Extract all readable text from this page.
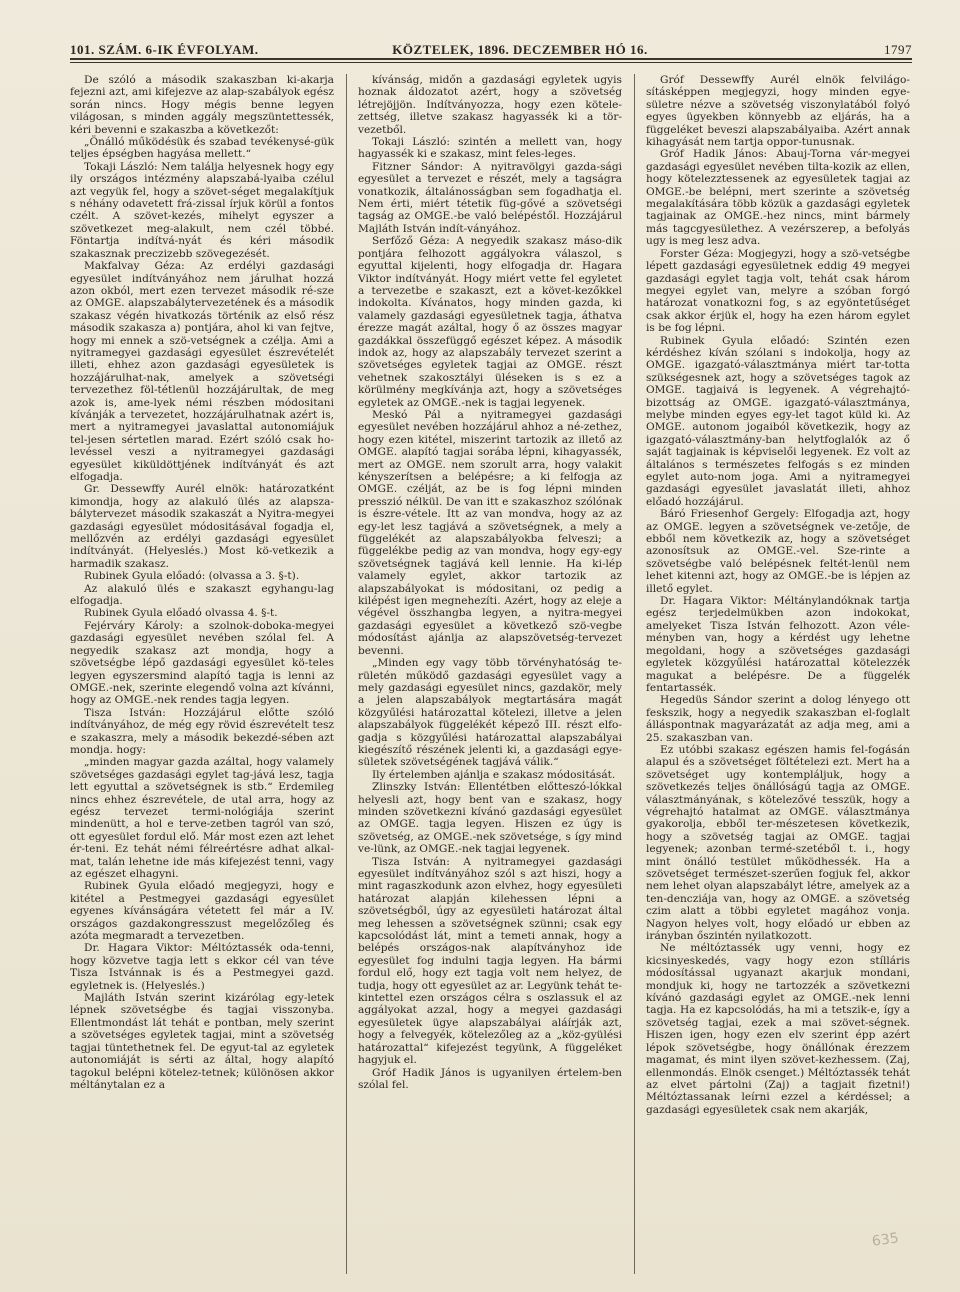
101. SZÁM. 6-IK ÉVFOLYAM.	KÖZTELEK, 1896. DECZEMBER HÓ 16.	1797

De szóló a második szakaszban ki-akarja fejezni azt, ami kifejezve az alap-szabályok egész során nincs. Hogy mégis benne legyen világosan, s minden aggály megszüntettessék, kéri bevenni e szakaszba a következőt:

„Önálló működésük és szabad tevékenysé-gük teljes épségben hagyása mellett.“

Tokaji László: Nem találja helyesnek hogy egy ily országos intézmény alapszabá-lyaiba czélul azt vegyük fel, hogy a szövet-séget megalakítjuk s néhány odavetett frá-zissal írjuk körül a fontos czélt. A szövet-kezés, mihelyt egyszer a szövetkezet meg-alakult, nem czél többé. Föntartja indítvá-nyát és kéri második szakasznak preczizebb szövegezését.

Makfalvay Géza: Az erdélyi gazdasági egyesület indítványához nem járulhat hozzá azon okból, mert ezen tervezet második ré-sze az OMGE. alapszabálytervezetének és a második szakasz végén hivatkozás történik az első rész második szakasza a) pontjára, ahol ki van fejtve, hogy mi ennek a szö-vetségnek a czélja. Ami a nyitramegyei gazdasági egyesület észrevételét illeti, ehhez azon gazdasági egyesületek is hozzájárulhat-nak, amelyek a szövetségi tervezethez föl-tétlenül hozzájárultak, de meg azok is, ame-lyek némi részben módositani kívánják a tervezetet, hozzájárulhatnak azért is, mert a nyitramegyei javaslattal autonomiájuk tel-jesen sértetlen marad. Ezért szóló csak ho-levéssel veszi a nyitramegyei gazdasági egyesület kiküldöttjének indítványát és azt elfogadja.

Gr. Dessewffy Aurél elnök: határozatként kimondja, hogy az alakuló ülés az alapsza-bálytervezet második szakaszát a Nyitra-megyei gazdasági egyesület módositásával fogadja el, mellőzvén az erdélyi gazdasági egyesület indítványát. (Helyeslés.) Most kö-vetkezik a harmadik szakasz.

Rubinek Gyula előadó: (olvassa a 3. §-t).

Az alakuló ülés e szakaszt egyhangu-lag elfogadja.

Rubinek Gyula előadó olvassa 4. §-t.

Fejérváry Károly: a szolnok-doboka-megyei gazdasági egyesület nevében szólal fel. A negyedik szakasz azt mondja, hogy a szövetségbe lépő gazdasági egyesület kö-teles legyen egyszersmind alapító tagja is lenni az OMGE.-nek, szerinte elegendő volna azt kívánni, hogy az OMGE.-nek rendes tagja legyen.

Tisza István: Hozzájárul előtte szóló indítványához, de még egy rövid észrevételt tesz e szakaszra, mely a második bekezdé-sében azt mondja. hogy:

„minden magyar gazda azáltal, hogy valamely szövetséges gazdasági egylet tag-jává lesz, tagja lett egyuttal a szövetségnek is stb.“ Erdemileg nincs ehhez észrevétele, de utal arra, hogy az egész tervezet termi-nológiája szerint mindenütt, a hol e terve-zetben tagról van szó, ott egyesület fordul elő. Már most ezen azt lehet ér-teni. Ez tehát némi félreértésre adhat alkal-mat, talán lehetne ide más kifejezést tenni, vagy az egészet elhagyni.

Rubinek Gyula előadó megjegyzi, hogy e kitétel a Pestmegyei gazdasági egyesület egyenes kívánságára vétetett fel már a IV. országos gazdakongresszust megelőzőleg és azóta megmaradt a tervezetben.

Dr. Hagara Viktor: Méltóztassék oda-tenni, hogy közvetve tagja lett s ekkor cél van téve Tisza Istvánnak is és a Pestmegyei gazd. egyletnek is. (Helyeslés.)

Majláth István szerint kizárólag egy-letek lépnek szövetségbe és tagjai visszonyba. Ellentmondást lát tehát e pontban, mely szerint a szövetséges egyletek tagjai, mint a szövetség tagjai tüntethetnek fel. De egyut-tal az egyletek autonomiáját is sérti az által, hogy alapító tagokul belépni kötelez-tetnek; különösen akkor méltánytalan ez a

kívánság, midőn a gazdasági egyletek ugyis hoznak áldozatot azért, hogy a szövetség létrejöjjön. Indítványozza, hogy ezen kötele-zettség, illetve szakasz hagyassék ki a tör-vezetből.

Tokaji László: szintén a mellett van, hogy hagyassék ki e szakasz, mint feles-leges.

Fitzner Sándor: A nyitravölgyi gazda-sági egyesület a tervezet e részét, mely a tagságra vonatkozik, általánosságban sem fogadhatja el. Nem érti, miért tétetik füg-gővé a szövetségi tagság az OMGE.-be való belépéstől. Hozzájárul Majláth István indít-ványához.

Serfőző Géza: A negyedik szakasz máso-dik pontjára felhozott aggályokra válaszol, s egyuttal kijelenti, hogy elfogadja dr. Hagara Viktor indítványát. Hogy miért vette fel egyletet a tervezetbe e szakaszt, ezt a követ-kezőkkel indokolta. Kívánatos, hogy minden gazda, ki valamely gazdasági egyesületnek tagja, áthatva érezze magát azáltal, hogy ő az összes magyar gazdákkal összefüggő egészet képez. A második indok az, hogy az alapszabály tervezet szerint a szövetséges egyletek tagjai az OMGE. részt vehetnek szakosztályi üléseken is s ez a körülmény megkívánja azt, hogy a szövetséges egyletek az OMGE.-nek is tagjai legyenek.

Meskó Pál a nyitramegyei gazdasági egyesület nevében hozzájárul ahhoz a né-zethez, hogy ezen kitétel, miszerint tartozik az illető az OMGE. alapító tagjai sorába lépni, kihagyassék, mert az OMGE. nem szorult arra, hogy valakit kényszerítsen a belépésre; a ki felfogja az OMGE. czélját, az be is fog lépni minden presszió nélkül. De van itt e szakaszhoz szólónak is észre-vétele. Itt az van mondva, hogy az az egy-let lesz tagjává a szövetségnek, a mely a függelékét az alapszabályokba felveszi; a függelékbe pedig az van mondva, hogy egy-egy szövetségnek tagjává kell lennie. Ha ki-lép valamely egylet, akkor tartozik az alapszabályokat is módositani, oz pedig a kilépést igen megnehezíti. Azért, hogy az eleje a végével összhangba legyen, a nyitra-megyei gazdasági egyesület a következő szö-vegbe módosítást ajánlja az alapszövetség-tervezet bevenni.

„Minden egy vagy több törvényhatóság te-rületén működő gazdasági egyesület vagy a mely gazdasági egyesület nincs, gazdakör, mely a jelen alapszabályok megtartására magát közgyűlési határozattal kötelezi, illetve a jelen alapszabályok függelékét képező III. részt elfo-gadja s közgyűlési határozattal alapszabályai kiegészítő részének jelenti ki, a gazdasági egye-sületek szövetségének tagjává válik.“

Ily értelemben ajánlja e szakasz módositását.

Zlinszky István: Ellentétben előtteszó-lókkal helyesli azt, hogy bent van e szakasz, hogy minden szövetkezni kívánó gazdasági egyesület az OMGE. tagja legyen. Hiszen ez úgy is szövetség, az OMGE.-nek szövetsége, s így mind ve-lünk, az OMGE.-nek tagjai legyenek.

Tisza István: A nyitramegyei gazdasági egyesület indítványához szól s azt hiszi, hogy a mint ragaszkodunk azon elvhez, hogy egyesületi határozat alapján kilehessen lépni a szövetségből, úgy az egyesületi határozat által meg lehessen a szövetségnek szünni; csak egy kapcsolódást lát, mint a temeti annak, hogy a belépés országos-nak alapítványhoz ide egyesület fog indulni tagja legyen. Ha bármi fordul elő, hogy ezt tagja volt nem helyez, de tudja, hogy ott egyesület az ar. Legyünk tehát te-kintettel ezen országos célra s oszlassuk el az aggályokat azzal, hogy a megyei gazdasági egyesületek ügye alapszabályai aláírják azt, hogy a felvegyék, kötelezőleg az a „köz-gyülési határozattal“ kifejezést tegyünk, A függeléket hagyjuk el.

Gróf Hadik János is ugyanilyen értelem-ben szólal fel.

Gróf Dessewffy Aurél elnök felvilágo-sításképpen megjegyzi, hogy minden egye-sületre nézve a szövetség viszonylatából folyó egyes ügyekben könnyebb az eljárás, ha a függeléket beveszi alapszabályaiba. Azért annak kihagyását nem tartja oppor-tunusnak.

Gróf Hadik János: Abauj-Torna vár-megyei gazdasági egyesület nevében tilta-kozik az ellen, hogy kötelezztessenek az egyesületek tagjai az OMGE.-be belépni, mert szerinte a szövetség megalakítására több közük a gazdasági egyletek tagjainak az OMGE.-hez nincs, mint bármely más tagcgyesülethez. A vezérszerep, a befolyás ugy is meg lesz adva.

Forster Géza: Mogjegyzi, hogy a szö-vetségbe lépett gazdasági egyesületnek eddig 49 megyei gazdasági egylet tagja volt, tehát csak három megyei egylet van, melyre a szóban forgó határozat vonatkozni fog, s az egyöntetűséget csak akkor érjük el, hogy ha ezen három egylet is be fog lépni.

Rubinek Gyula előadó: Szintén ezen kérdéshez kíván szólani s indokolja, hogy az OMGE. igazgató-választmánya miért tar-totta szükségesnek azt, hogy a szövetséges tagok az OMGE. tagjaivá is legyenek. A végrehajtó-bizottság az OMGE. igazgató-választmánya, melybe minden egyes egy-let tagot küld ki. Az OMGE. autonom jogaiból következik, hogy az igazgató-választmány-ban helytfoglalók az ő saját tagjainak is képviselői legyenek. Ez volt az általános s természetes felfogás s ez minden egylet auto-nom joga. Ami a nyitramegyei gazdasági egyesület javaslatát illeti, ahhoz előadó hozzájárul.

Báró Friesenhof Gergely: Elfogadja azt, hogy az OMGE. legyen a szövetségnek ve-zetője, de ebből nem következik az, hogy a szövetséget azonosítsuk az OMGE.-vel. Sze-rinte a szövetségbe való belépésnek feltét-lenül nem lehet kitenni azt, hogy az OMGE.-be is lépjen az illető egylet.

Dr. Hagara Viktor: Méltánylandóknak tartja egész terjedelmükben azon indokokat, amelyeket Tisza István felhozott. Azon véle-ményben van, hogy a kérdést ugy lehetne megoldani, hogy a szövetséges gazdasági egyletek közgyűlési határozattal kötelezzék magukat a belépésre. De a függelék fentartassék.

Hegedüs Sándor szerint a dolog lényego ott feskszik, hogy a negyedik szakaszban el-foglalt álláspontnak magyarázatát az adja meg, ami a 25. szakaszban van.

Ez utóbbi szakasz egészen hamis fel-fogásán alapul és a szövetséget föltételezi ezt. Mert ha a szövetséget ugy kontempláljuk, hogy a szövetkezés teljes önállóságú tagja az OMGE. választmányának, s kötelezővé tesszük, hogy a végrehajtó hatalmat az OMGE. választmánya gyakorolja, ebből ter-mészetesen következik, hogy a szövetség tagjai az OMGE. tagjai legyenek; azonban termé-szetéből t. i., hogy mint önálló testület működhessék. Ha a szövetséget természet-szerűen fogjuk fel, akkor nem lehet olyan alapszabályt létre, amelyek az a ten-dencziája van, hogy az OMGE. a szövetség czim alatt a többi egyletet magához vonja. Nagyon helyes volt, hogy előadó ur ebben az irányban őszintén nyilatkozott.

Ne méltóztassék ugy venni, hogy ez kicsinyeskedés, vagy hogy ezon stílláris módosítással ugyanazt akarjuk mondani, mondjuk ki, hogy ne tartozzék a szövetkezni kívánó gazdasági egylet az OMGE.-nek lenni tagja. Ha ez kapcsolódás, ha mi a tetszik-e, így a szövetség tagjai, ezek a mai szövet-ségnek. Hiszen igen, hogy ezen elv szerint épp azért lépok szövetségbe, hogy önállónak érezzem magamat, és mint ilyen szövet-kezhessem. (Zaj, ellenmondás. Elnök csenget.) Méltóztassék tehát az elvet pártolni (Zaj) a tagjait fizetni!) Méltóztassanak leírni ezzel a kérdéssel; a gazdasági egyesületek csak nem akarják,

635
